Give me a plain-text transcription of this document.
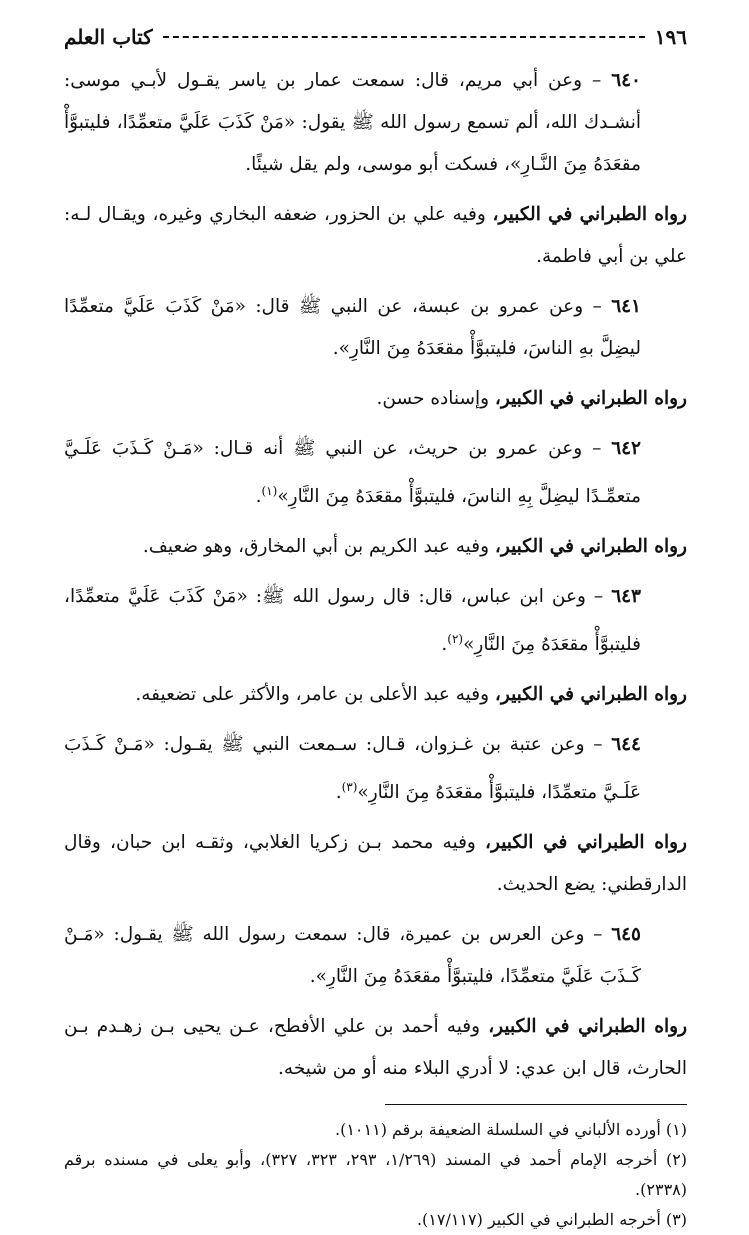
١٩٦
كتاب العلم

٦٤٠ – وعن أبي مريم، قال: سمعت عمار بن ياسر يقـول لأبـي موسى: أنشـدك الله، ألم تسمع رسول الله ﷺ يقول: «مَنْ كَذَبَ عَلَيَّ متعمِّدًا، فليتبوَّأْ مقعَدَهُ مِنَ النَّـارِ»، فسكت أبو موسى، ولم يقل شيئًا.

رواه الطبراني في الكبير، وفيه علي بن الحزور، ضعفه البخاري وغيره، ويقـال لـه: علي بن أبي فاطمة.

٦٤١ – وعن عمرو بن عبسة، عن النبي ﷺ قال: «مَنْ كَذَبَ عَلَيَّ متعمِّدًا ليضِلَّ بهِ الناسَ، فليتبوَّأْ مقعَدَهُ مِنَ النَّارِ».

رواه الطبراني في الكبير، وإسناده حسن.

٦٤٢ – وعن عمرو بن حريث، عن النبي ﷺ أنه قـال: «مَـنْ كَـذَبَ عَلَـيَّ متعمِّـدًا ليضِلَّ بِهِ الناسَ، فليتبوَّأْ مقعَدَهُ مِنَ النَّارِ»$^{(١)}$.

رواه الطبراني في الكبير، وفيه عبد الكريم بن أبي المخارق، وهو ضعيف.

٦٤٣ – وعن ابن عباس، قال: قال رسول الله ﷺ: «مَنْ كَذَبَ عَلَيَّ متعمِّدًا، فليتبوَّأْ مقعَدَهُ مِنَ النَّارِ»$^{(٢)}$.

رواه الطبراني في الكبير، وفيه عبد الأعلى بن عامر، والأكثر على تضعيفه.

٦٤٤ – وعن عتبة بن غـزوان، قـال: سـمعت النبي ﷺ يقـول: «مَـنْ كَـذَبَ عَلَـيَّ متعمِّدًا، فليتبوَّأْ مقعَدَهُ مِنَ النَّارِ»$^{(٣)}$.

رواه الطبراني في الكبير، وفيه محمد بـن زكريا الغلابي، وثقـه ابن حبان، وقال الدارقطني: يضع الحديث.

٦٤٥ – وعن العرس بن عميرة، قال: سمعت رسول الله ﷺ يقـول: «مَـنْ كَـذَبَ عَلَيَّ متعمِّدًا، فليتبوَّأْ مقعَدَهُ مِنَ النَّارِ».

رواه الطبراني في الكبير، وفيه أحمد بن علي الأفطح، عـن يحيى بـن زهـدم بـن الحارث، قال ابن عدي: لا أدري البلاء منه أو من شيخه.

(١) أورده الألباني في السلسلة الضعيفة برقم (١٠١١).

(٢) أخرجه الإمام أحمد في المسند (١/٢٦٩، ٢٩٣، ٣٢٣، ٣٢٧)، وأبو يعلى في مسنده برقم (٢٣٣٨).

(٣) أخرجه الطبراني في الكبير (١٧/١١٧).
